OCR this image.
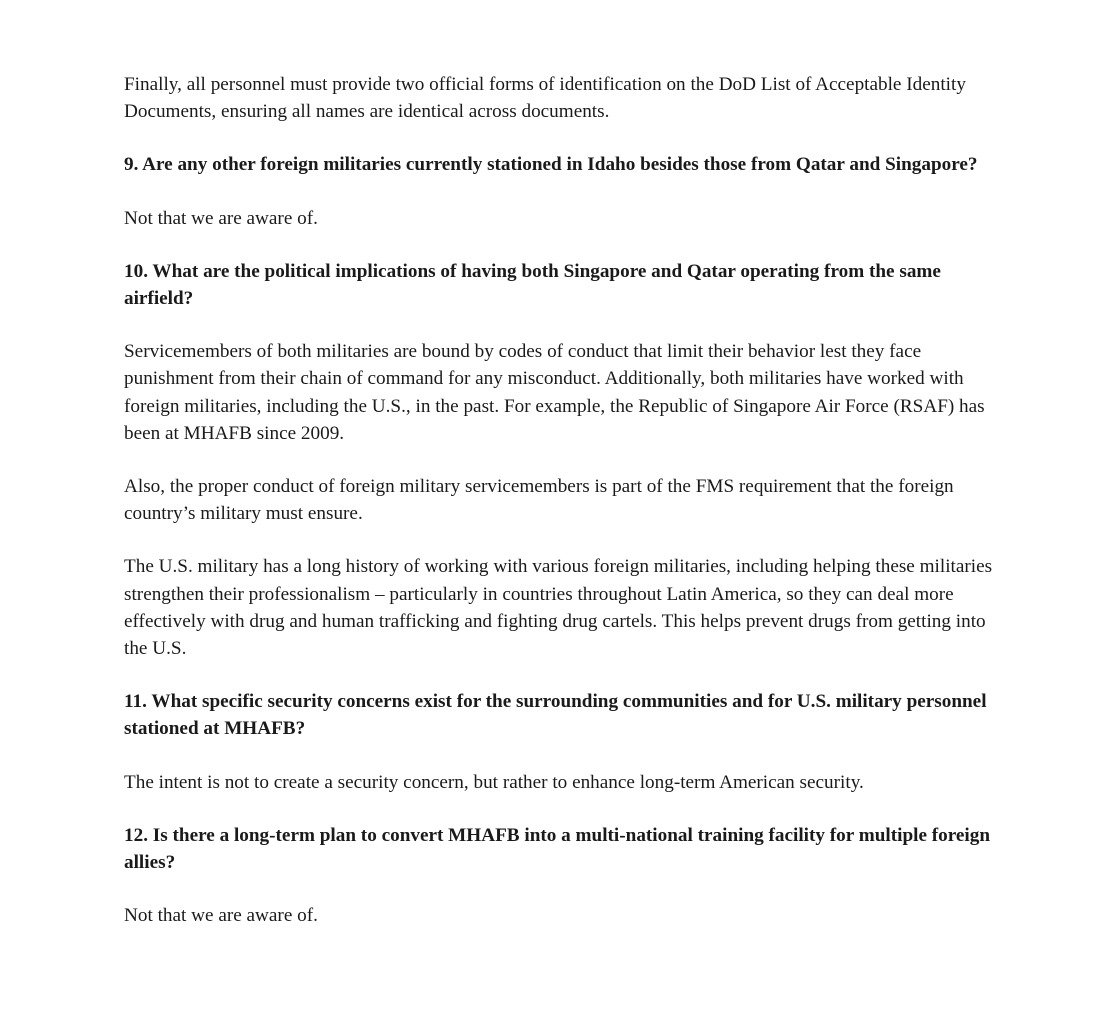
Finally, all personnel must provide two official forms of identification on the DoD List of Acceptable Identity Documents, ensuring all names are identical across documents.

9. Are any other foreign militaries currently stationed in Idaho besides those from Qatar and Singapore?

Not that we are aware of.

10. What are the political implications of having both Singapore and Qatar operating from the same airfield?

Servicemembers of both militaries are bound by codes of conduct that limit their behavior lest they face punishment from their chain of command for any misconduct. Additionally, both militaries have worked with foreign militaries, including the U.S., in the past. For example, the Republic of Singapore Air Force (RSAF) has been at MHAFB since 2009.

Also, the proper conduct of foreign military servicemembers is part of the FMS requirement that the foreign country’s military must ensure.

The U.S. military has a long history of working with various foreign militaries, including helping these militaries strengthen their professionalism – particularly in countries throughout Latin America, so they can deal more effectively with drug and human trafficking and fighting drug cartels. This helps prevent drugs from getting into the U.S.

11. What specific security concerns exist for the surrounding communities and for U.S. military personnel stationed at MHAFB?

The intent is not to create a security concern, but rather to enhance long-term American security.

12. Is there a long-term plan to convert MHAFB into a multi-national training facility for multiple foreign allies?

Not that we are aware of.
